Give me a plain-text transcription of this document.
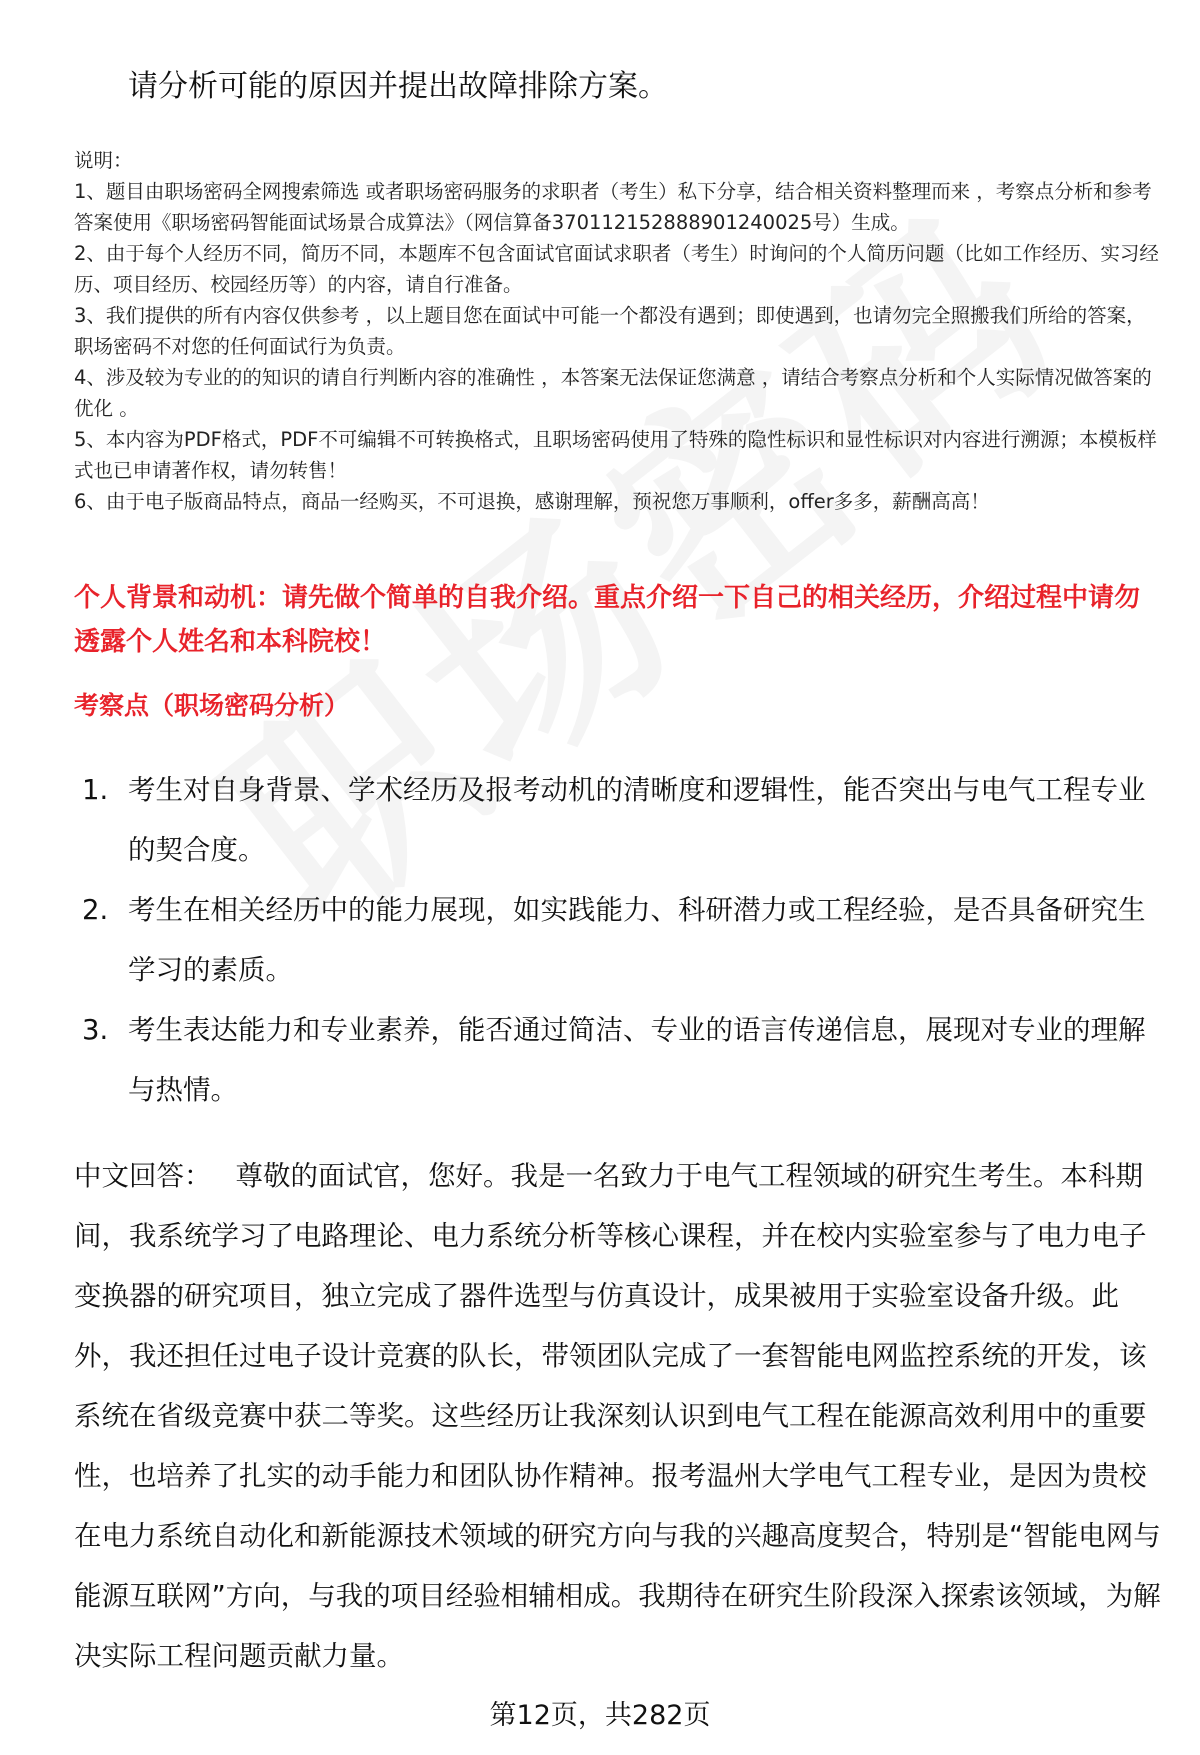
请分析可能的原因并提出故障排除方案。

说明：

1、题目由职场密码全网搜索筛选 或者职场密码服务的求职者（考生）私下分享，结合相关资料整理而来 ，考察点分析和参考答案使用《职场密码智能面试场景合成算法》（网信算备370112152888901240025号）生成。

2、由于每个人经历不同，简历不同，本题库不包含面试官面试求职者（考生）时询问的个人简历问题（比如工作经历、实习经历、项目经历、校园经历等）的内容，请自行准备。

3、我们提供的所有内容仅供参考 ，以上题目您在面试中可能一个都没有遇到；即使遇到，也请勿完全照搬我们所给的答案，职场密码不对您的任何面试行为负责。

4、涉及较为专业的的知识的请自行判断内容的准确性 ，本答案无法保证您满意 ，请结合考察点分析和个人实际情况做答案的优化 。

5、本内容为PDF格式，PDF不可编辑不可转换格式，且职场密码使用了特殊的隐性标识和显性标识对内容进行溯源；本模板样式也已申请著作权，请勿转售！

6、由于电子版商品特点，商品一经购买，不可退换，感谢理解，预祝您万事顺利，offer多多，薪酬高高！

个人背景和动机：请先做个简单的自我介绍。重点介绍一下自己的相关经历，介绍过程中请勿透露个人姓名和本科院校！
考察点（职场密码分析）
1. 考生对自身背景、学术经历及报考动机的清晰度和逻辑性，能否突出与电气工程专业的契合度。
2. 考生在相关经历中的能力展现，如实践能力、科研潜力或工程经验，是否具备研究生学习的素质。
3. 考生表达能力和专业素养，能否通过简洁、专业的语言传递信息，展现对专业的理解与热情。
中文回答： 尊敬的面试官，您好。我是一名致力于电气工程领域的研究生考生。本科期间，我系统学习了电路理论、电力系统分析等核心课程，并在校内实验室参与了电力电子变换器的研究项目，独立完成了器件选型与仿真设计，成果被用于实验室设备升级。此外，我还担任过电子设计竞赛的队长，带领团队完成了一套智能电网监控系统的开发，该系统在省级竞赛中获二等奖。这些经历让我深刻认识到电气工程在能源高效利用中的重要性，也培养了扎实的动手能力和团队协作精神。报考温州大学电气工程专业，是因为贵校在电力系统自动化和新能源技术领域的研究方向与我的兴趣高度契合，特别是“智能电网与能源互联网”方向，与我的项目经验相辅相成。我期待在研究生阶段深入探索该领域，为解决实际工程问题贡献力量。
第12页，共282页
